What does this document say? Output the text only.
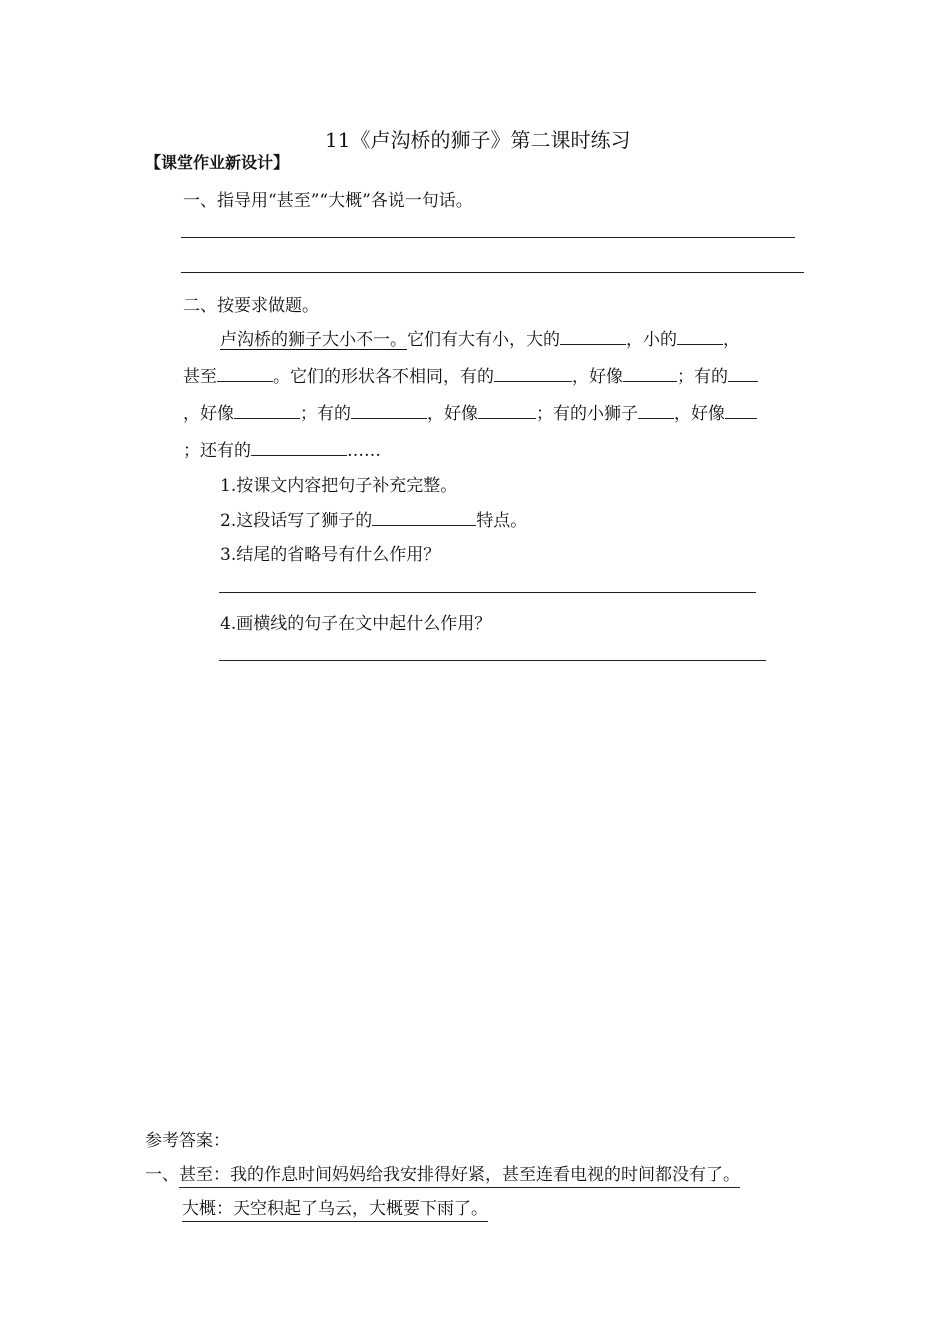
11《卢沟桥的狮子》第二课时练习
【课堂作业新设计】
一、指导用“甚至”“大概”各说一句话。
二、按要求做题。
卢沟桥的狮子大小不一。它们有大有小，大的	，小的	，
甚至	。它们的形状各不相同，有的	，好像	；有的
，好像	；有的	，好像	；有的小狮子 ，好像
；还有的	……
1.按课文内容把句子补充完整。
2.这段话写了狮子的	特点。
3.结尾的省略号有什么作用？
4.画横线的句子在文中起什么作用？
参考答案：
一、甚至：我的作息时间妈妈给我安排得好紧，甚至连看电视的时间都没有了。
大概：天空积起了乌云，大概要下雨了。
